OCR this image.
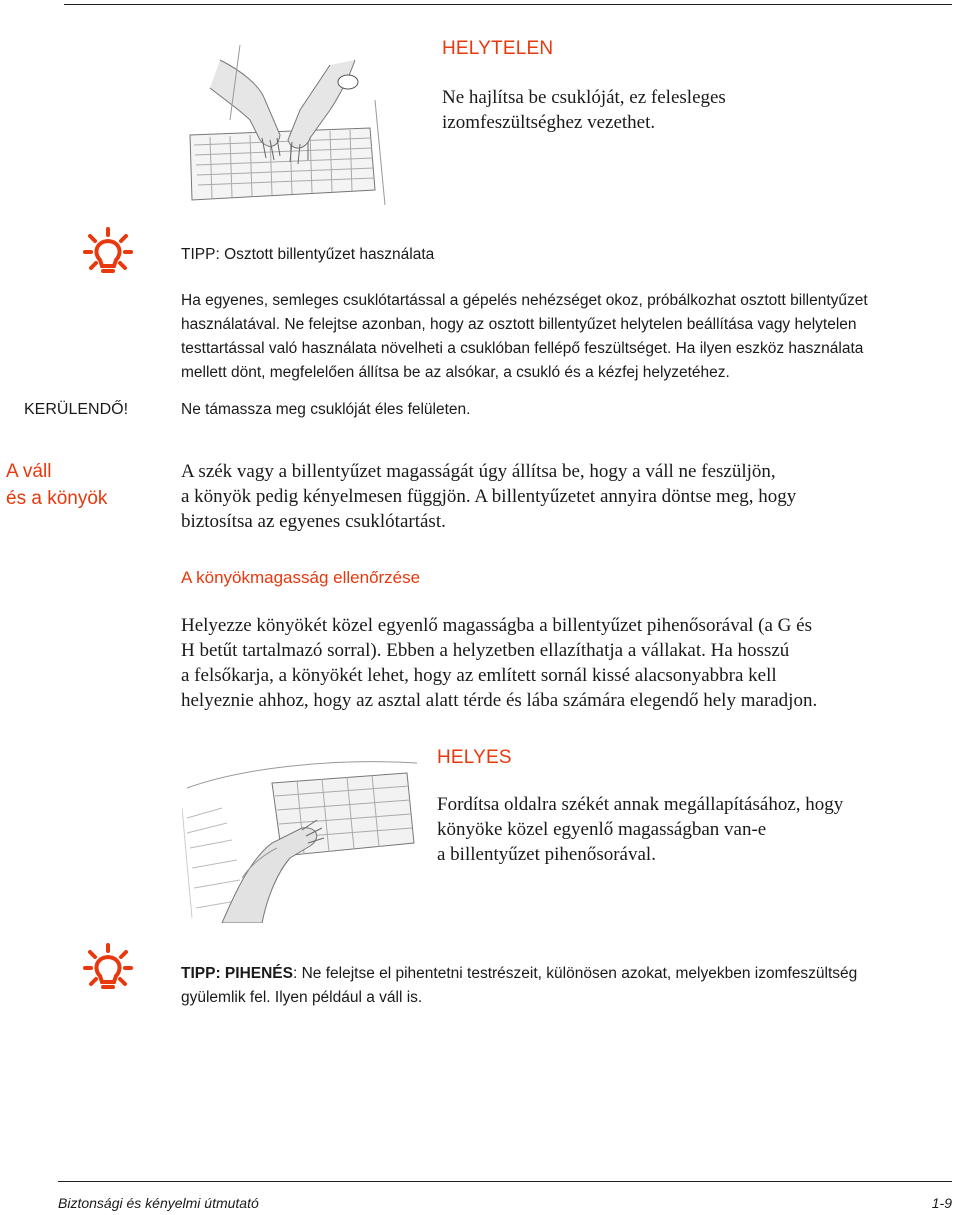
HELYTELEN
Ne hajlítsa be csuklóját, ez felesleges izomfeszültséghez vezethet.
TIPP: Osztott billentyűzet használata
Ha egyenes, semleges csuklótartással a gépelés nehézséget okoz, próbálkozhat osztott billentyűzet
használatával. Ne felejtse azonban, hogy az osztott billentyűzet helytelen beállítása vagy helytelen
testtartással való használata növelheti a csuklóban fellépő feszültséget. Ha ilyen eszköz használata
mellett dönt, megfelelően állítsa be az alsókar, a csukló és a kézfej helyzetéhez.
KERÜLENDŐ!	Ne támassza meg csuklóját éles felületen.
A váll
és a könyök
A szék vagy a billentyűzet magasságát úgy állítsa be, hogy a váll ne feszüljön,
a könyök pedig kényelmesen függjön. A billentyűzetet annyira döntse meg, hogy
biztosítsa az egyenes csuklótartást.
A könyökmagasság ellenőrzése
Helyezze könyökét közel egyenlő magasságba a billentyűzet pihenősorával (a G és
H betűt tartalmazó sorral). Ebben a helyzetben ellazíthatja a vállakat. Ha hosszú
a felsőkarja, a könyökét lehet, hogy az említett sornál kissé alacsonyabbra kell
helyeznie ahhoz, hogy az asztal alatt térde és lába számára elegendő hely maradjon.
HELYES
Fordítsa oldalra székét annak megállapításához, hogy
könyöke közel egyenlő magasságban van-e
a billentyűzet pihenősorával.
TIPP: PIHENÉS: Ne felejtse el pihentetni testrészeit, különösen azokat, melyekben izomfeszültség
gyülemlik fel. Ilyen például a váll is.
Biztonsági és kényelmi útmutató	1-9
